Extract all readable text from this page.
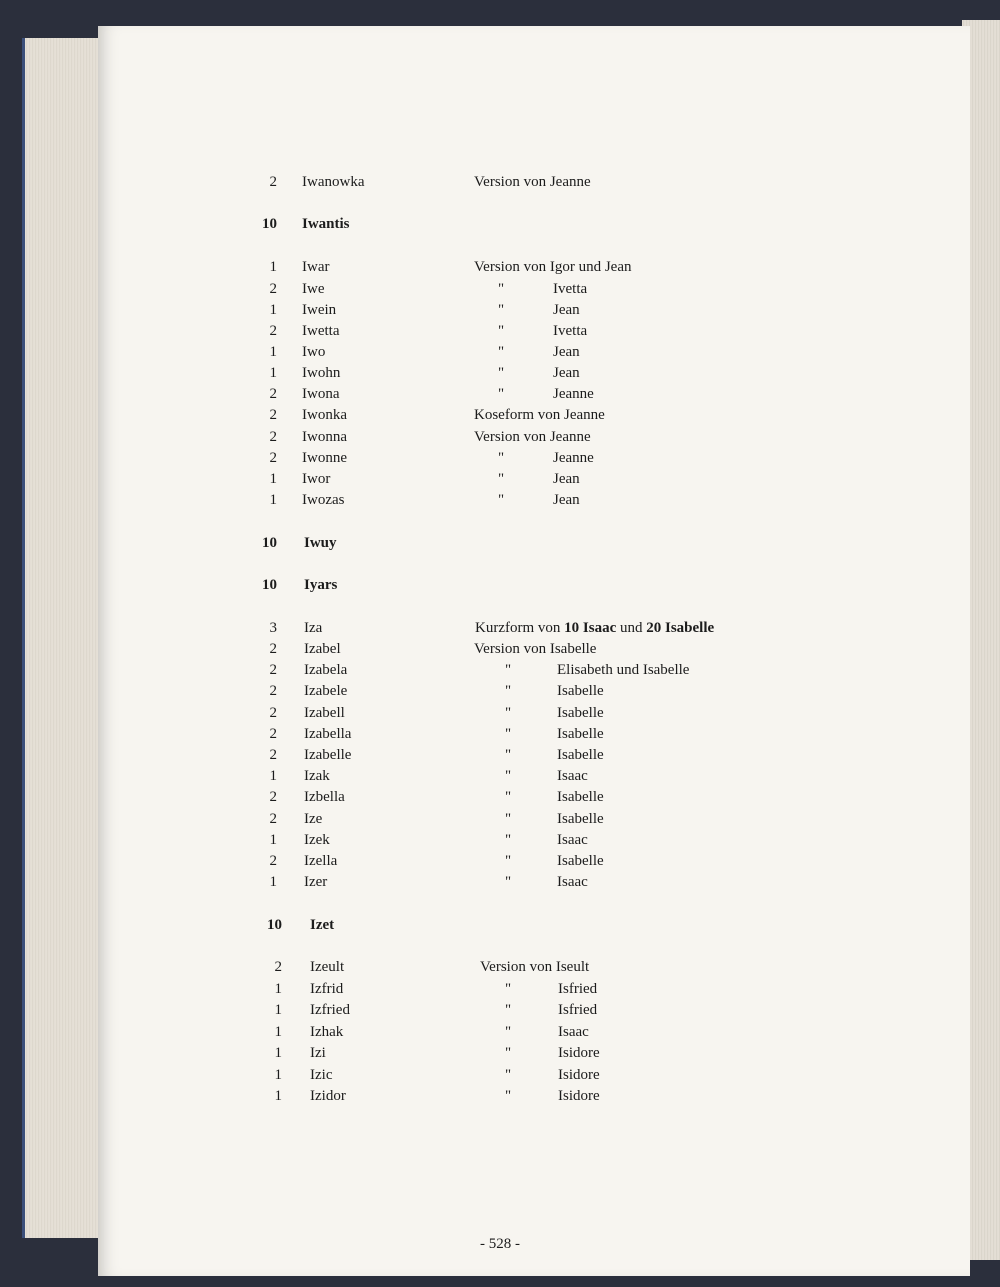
2 Iwanowka	Version von Jeanne
10 Iwantis
1 Iwar	Version von Igor und Jean
2 Iwe	"	Ivetta
1 Iwein	"	Jean
2 Iwetta	"	Ivetta
1 Iwo	"	Jean
1 Iwohn	"	Jean
2 Iwona	"	Jeanne
2 Iwonka	Koseform von Jeanne
2 Iwonna	Version von Jeanne
2 Iwonne	"	Jeanne
1 Iwor	"	Jean
1 Iwozas	"	Jean
10 Iwuy
10 Iyars
3 Iza	Kurzform von 10 Isaac und 20 Isabelle
2 Izabel	Version von Isabelle
2 Izabela	"	Elisabeth und Isabelle
2 Izabele	"	Isabelle
2 Izabell	"	Isabelle
2 Izabella	"	Isabelle
2 Izabelle	"	Isabelle
1 Izak	"	Isaac
2 Izbella	"	Isabelle
2 Ize	"	Isabelle
1 Izek	"	Isaac
2 Izella	"	Isabelle
1 Izer	"	Isaac
10 Izet
2 Izeult	Version von Iseult
1 Izfrid	"	Isfried
1 Izfried	"	Isfried
1 Izhak	"	Isaac
1 Izi	"	Isidore
1 Izic	"	Isidore
1 Izidor	"	Isidore
- 528 -
